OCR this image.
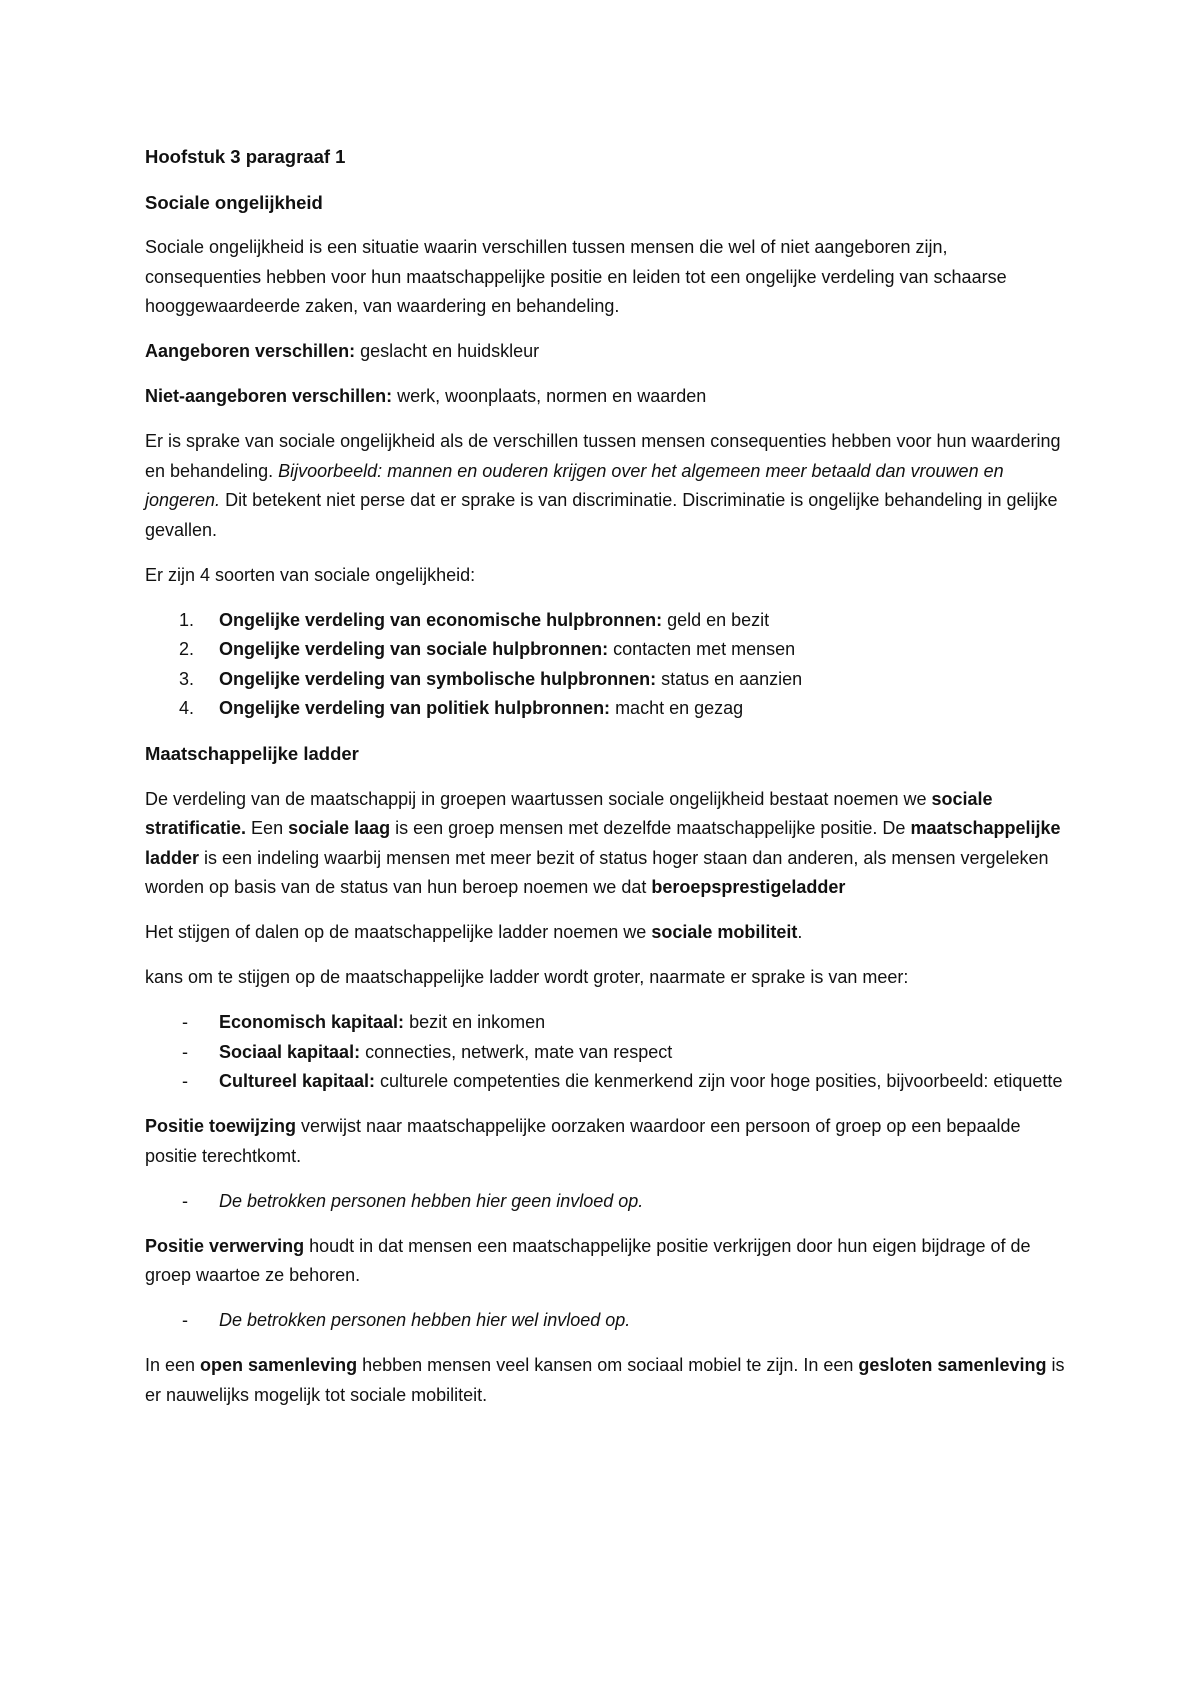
Hoofstuk 3 paragraaf 1
Sociale ongelijkheid
Sociale ongelijkheid is een situatie waarin verschillen tussen mensen die wel of niet aangeboren zijn, consequenties hebben voor hun maatschappelijke positie en leiden tot een ongelijke verdeling van schaarse hooggewaardeerde zaken, van waardering en behandeling.
Aangeboren verschillen: geslacht en huidskleur
Niet-aangeboren verschillen: werk, woonplaats, normen en waarden
Er is sprake van sociale ongelijkheid als de verschillen tussen mensen consequenties hebben voor hun waardering en behandeling. Bijvoorbeeld: mannen en ouderen krijgen over het algemeen meer betaald dan vrouwen en jongeren. Dit betekent niet perse dat er sprake is van discriminatie. Discriminatie is ongelijke behandeling in gelijke gevallen.
Er zijn 4 soorten van sociale ongelijkheid:
1. Ongelijke verdeling van economische hulpbronnen: geld en bezit
2. Ongelijke verdeling van sociale hulpbronnen: contacten met mensen
3. Ongelijke verdeling van symbolische hulpbronnen: status en aanzien
4. Ongelijke verdeling van politiek hulpbronnen: macht en gezag
Maatschappelijke ladder
De verdeling van de maatschappij in groepen waartussen sociale ongelijkheid bestaat noemen we sociale stratificatie. Een sociale laag is een groep mensen met dezelfde maatschappelijke positie. De maatschappelijke ladder is een indeling waarbij mensen met meer bezit of status hoger staan dan anderen, als mensen vergeleken worden op basis van de status van hun beroep noemen we dat beroepsprestigeladder
Het stijgen of dalen op de maatschappelijke ladder noemen we sociale mobiliteit.
kans om te stijgen op de maatschappelijke ladder wordt groter, naarmate er sprake is van meer:
- Economisch kapitaal: bezit en inkomen
- Sociaal kapitaal: connecties, netwerk, mate van respect
- Cultureel kapitaal: culturele competenties die kenmerkend zijn voor hoge posities, bijvoorbeeld: etiquette
Positie toewijzing verwijst naar maatschappelijke oorzaken waardoor een persoon of groep op een bepaalde positie terechtkomt.
- De betrokken personen hebben hier geen invloed op.
Positie verwerving houdt in dat mensen een maatschappelijke positie verkrijgen door hun eigen bijdrage of de groep waartoe ze behoren.
- De betrokken personen hebben hier wel invloed op.
In een open samenleving hebben mensen veel kansen om sociaal mobiel te zijn. In een gesloten samenleving is er nauwelijks mogelijk tot sociale mobiliteit.
